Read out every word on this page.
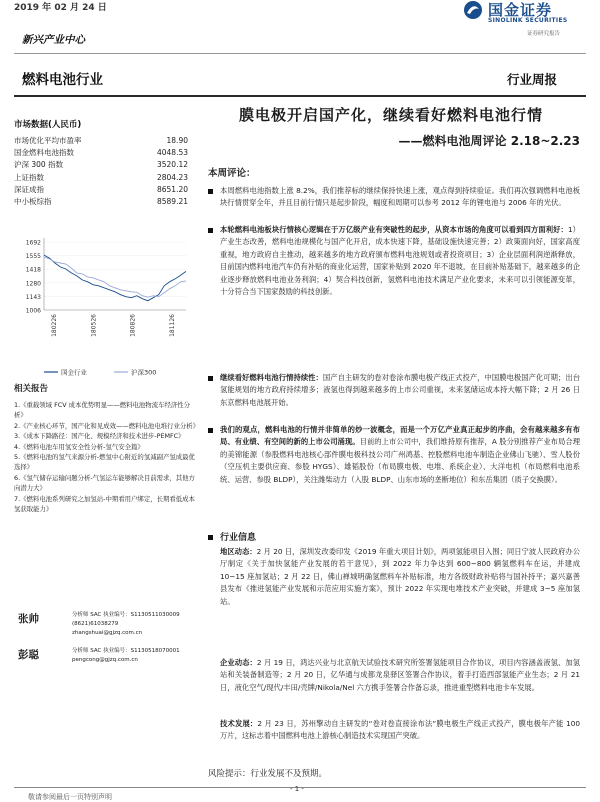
2019 年 02 月 24 日	国金证券
SINOLINK SECURITIES
证券研究报告
新兴产业中心
燃料电池行业	行业周报
市场数据(人民币)
市场优化平均市盈率	18.90
国金燃料电池指数	4048.53
沪深 300 指数	3520.12
上证指数	2804.23
深证成指	8651.20
中小板综指	8589.21
1692
1555
1418
1280
1143
1006
180226	180526	180826	181126
国金行业	沪深300
相关报告
1.《重载领域 FCV 成本优势明显——燃料电池物流车经济性分析》
2.《产业核心环节，国产化和见成效——燃料电池电堆行业分析》
3.《成本下降路径：国产化、规模经济和技术进步-PEMFC》
4.《燃料电池车用氢安全性分析-氢气安全篇》
5.《燃料电池的氢气来源分析-燃氢中心附近的氢减副产氢成最优选择》
6.《氢气储存运输问题分析-气氢运车能够解决目前需求，其他方向潜力大》
7.《燃料电池系列研究之加氢站-中期看用户绑定，长期看低成本氢获取能力》
张帅	分析师 SAC 执业编号：S1130511030009
(8621)61038279
zhangshuai@gjzq.com.cn
彭聪	分析师 SAC 执业编号：S1130518070001
pengcong@gjzq.com.cn
膜电极开启国产化，继续看好燃料电池行情
——燃料电池周评论 2.18~2.23
本周评论：
本周燃料电池指数上涨 8.2%，我们推荐标的继续保持快速上涨，观点得到持续验证。我们再次强调燃料电池板块行情贯穿全年，并且目前行情只是起步阶段，幅度和周期可以参考 2012 年的锂电池与 2006 年的光伏。
本轮燃料电池板块行情核心逻辑在于万亿级产业有突破性的起步，从资本市场的角度可以看到四方面利好：1）产业生态改善，燃料电池规模化与国产化开启，成本快速下降，基础设施快速完善；2）政策面向好，国家高度重视，地方政府自主推动，越来越多的地方政府颁布燃料电池规划或者投资项目；3）企业层面利润逆渐释放，目前国内燃料电池汽车仍有补贴的商业化运营，国家补贴到 2020 年不退坡，在目前补贴基础下，越来越多的企业逐步释放燃料电池业务利润；4）契合科技创新，氢燃料电池技术满足产业化要求，未来可以引领能源变革，十分符合当下国家鼓励的科技创新。
继续看好燃料电池行情持续性：国产自主研发的卷对卷涂布膜电极产线正式投产，中国膜电极国产化可期；出台氢能规划的地方政府持续增多；液氢也得到越来越多的上市公司重视，未来氢储运成本持大幅下降；2 月 26 日东京燃料电池展开始。
我们的观点，燃料电池的行情并非简单的炒一波概念，而是一个万亿产业真正起步的序曲，会有越来越多有布局、有业绩、有空间的新的上市公司涌现。目前的上市公司中，我们维持原有推荐，A 股分别推荐产业布局合理的美锦能源（参股燃料电池核心部件膜电极科技公司广州鸿基、控股燃料电池车制造企业佛山飞驰）、雪人股份（空压机主要供应商、参股 HYGS）、雄韬股份（布局膜电极、电堆、系统企业）、大洋电机（布局燃料电池系统、运营、参股 BLDP），关注潍柴动力（入股 BLDP、山东市场的垄断地位）和东岳集团（质子交换膜）。
行业信息
地区动态：2 月 20 日，深圳发改委印发《2019 年重大项目计划》，两项氢能项目入围；同日宁波人民政府办公厅制定《关于加快氢能产业发展的若干意见》，到 2022 年力争达到 600~800 辆氢燃料车在运，并建成 10~15 座加氢站；2 月 22 日，佛山禅城明确氢燃料车补贴标准，地方各级财政补贴将与国补持平；嘉兴嘉善县发布《推进氢能产业发展和示范应用实施方案》，预计 2022 年实现电堆技术产业突破，并建成 3~5 座加氢站。
企业动态：2 月 19 日，鸿达兴业与北京航天试验技术研究所签署氢能项目合作协议，项目内容涵盖液氢、加氢站和关装备制造等；2 月 20 日，亿华通与成都龙泉驿区签署合作协议，着手打造西部氢能产业生态；2 月 21 日，液化空气/现代/丰田/壳牌/Nikola/Nel 六方携手签署合作备忘录，推进重型燃料电池卡车发展。
技术发展：2 月 23 日，苏州擎动自主研发的“卷对卷直接涂布法”膜电极生产线正式投产，膜电极年产能 100 万片，这标志着中国燃料电池上游核心制造技术实现国产突破。
风险提示：行业发展不及预期。
敬请参阅最后一页特别声明
- 1 -
